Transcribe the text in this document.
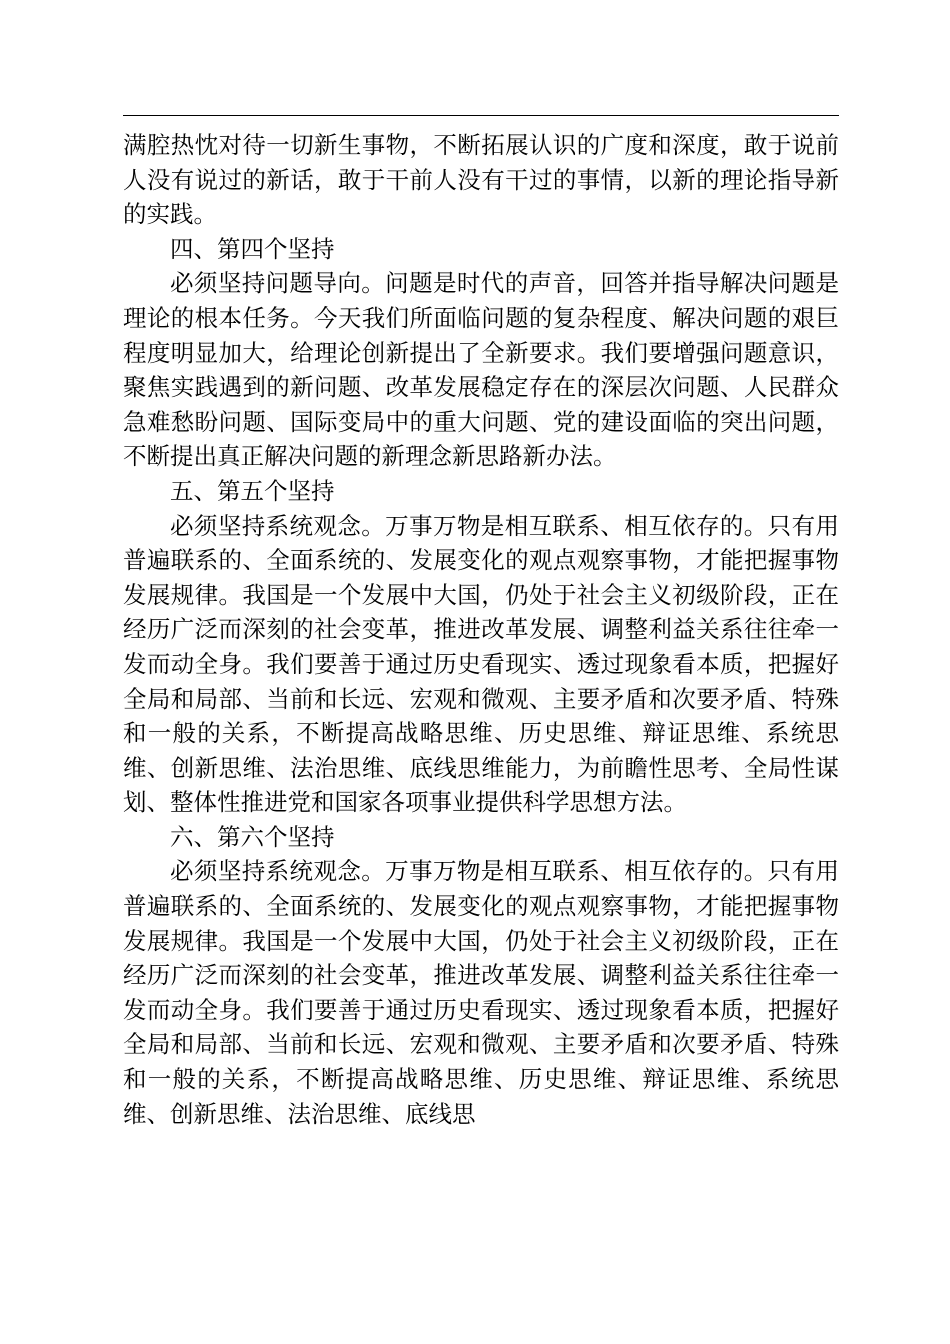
满腔热忱对待一切新生事物，不断拓展认识的广度和深度，敢于说前人没有说过的新话，敢于干前人没有干过的事情，以新的理论指导新的实践。

四、第四个坚持

必须坚持问题导向。问题是时代的声音，回答并指导解决问题是理论的根本任务。今天我们所面临问题的复杂程度、解决问题的艰巨程度明显加大，给理论创新提出了全新要求。我们要增强问题意识，聚焦实践遇到的新问题、改革发展稳定存在的深层次问题、人民群众急难愁盼问题、国际变局中的重大问题、党的建设面临的突出问题，不断提出真正解决问题的新理念新思路新办法。

五、第五个坚持

必须坚持系统观念。万事万物是相互联系、相互依存的。只有用普遍联系的、全面系统的、发展变化的观点观察事物，才能把握事物发展规律。我国是一个发展中大国，仍处于社会主义初级阶段，正在经历广泛而深刻的社会变革，推进改革发展、调整利益关系往往牵一发而动全身。我们要善于通过历史看现实、透过现象看本质，把握好全局和局部、当前和长远、宏观和微观、主要矛盾和次要矛盾、特殊和一般的关系，不断提高战略思维、历史思维、辩证思维、系统思维、创新思维、法治思维、底线思维能力，为前瞻性思考、全局性谋划、整体性推进党和国家各项事业提供科学思想方法。

六、第六个坚持

必须坚持系统观念。万事万物是相互联系、相互依存的。只有用普遍联系的、全面系统的、发展变化的观点观察事物，才能把握事物发展规律。我国是一个发展中大国，仍处于社会主义初级阶段，正在经历广泛而深刻的社会变革，推进改革发展、调整利益关系往往牵一发而动全身。我们要善于通过历史看现实、透过现象看本质，把握好全局和局部、当前和长远、宏观和微观、主要矛盾和次要矛盾、特殊和一般的关系，不断提高战略思维、历史思维、辩证思维、系统思维、创新思维、法治思维、底线思
